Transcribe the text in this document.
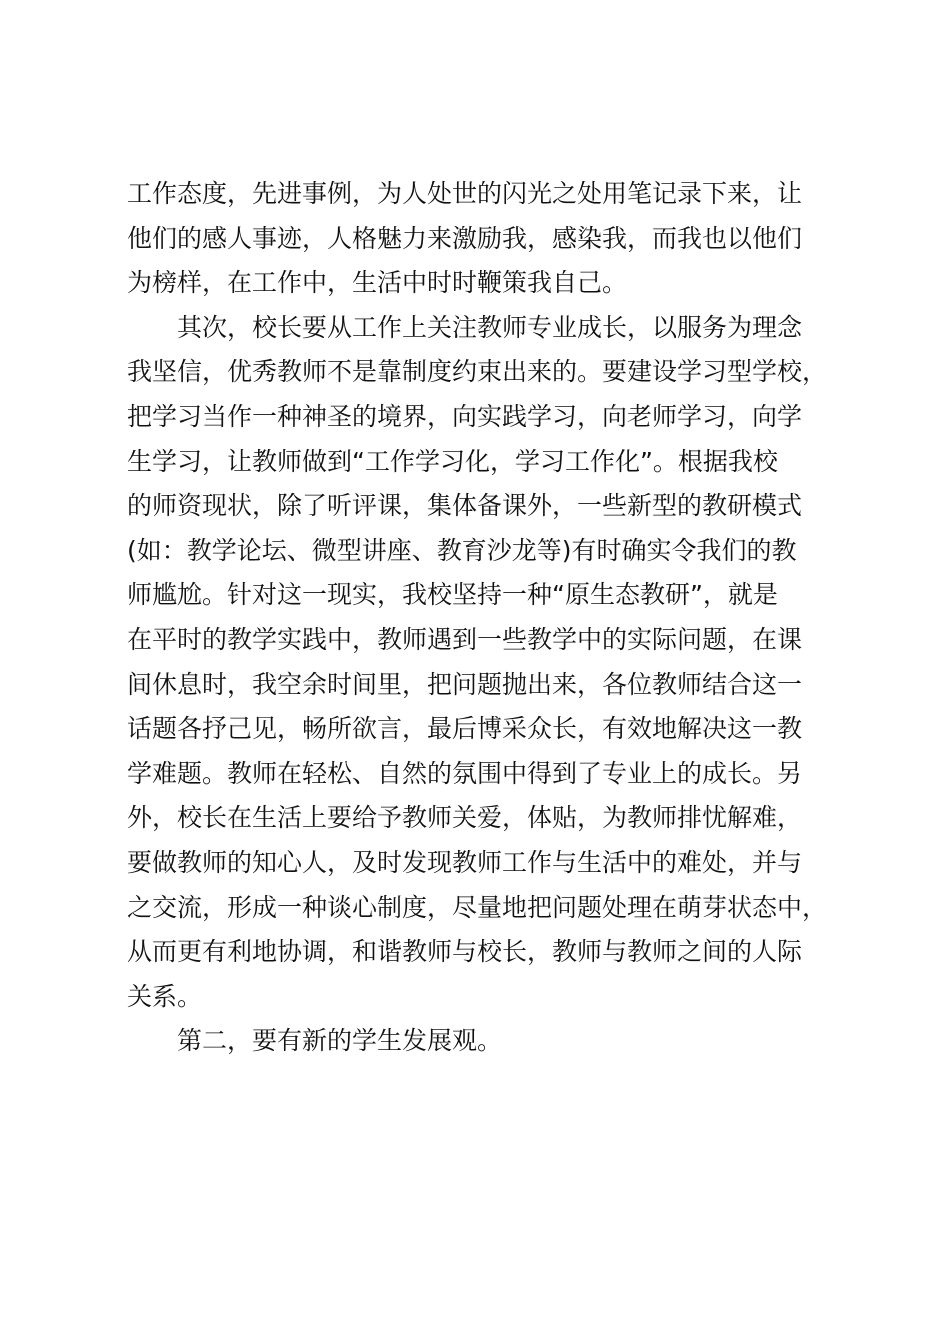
工作态度，先进事例，为人处世的闪光之处用笔记录下来，让

他们的感人事迹，人格魅力来激励我，感染我，而我也以他们

为榜样，在工作中，生活中时时鞭策我自己。

其次，校长要从工作上关注教师专业成长，以服务为理念

我坚信，优秀教师不是靠制度约束出来的。要建设学习型学校，

把学习当作一种神圣的境界，向实践学习，向老师学习，向学

生学习，让教师做到“工作学习化，学习工作化”。根据我校

的师资现状，除了听评课，集体备课外，一些新型的教研模式

(如：教学论坛、微型讲座、教育沙龙等)有时确实令我们的教

师尴尬。针对这一现实，我校坚持一种“原生态教研”，就是

在平时的教学实践中，教师遇到一些教学中的实际问题，在课

间休息时，我空余时间里，把问题抛出来，各位教师结合这一

话题各抒己见，畅所欲言，最后博采众长，有效地解决这一教

学难题。教师在轻松、自然的氛围中得到了专业上的成长。另

外，校长在生活上要给予教师关爱，体贴，为教师排忧解难，

要做教师的知心人，及时发现教师工作与生活中的难处，并与

之交流，形成一种谈心制度，尽量地把问题处理在萌芽状态中，

从而更有利地协调，和谐教师与校长，教师与教师之间的人际

关系。

第二，要有新的学生发展观。
